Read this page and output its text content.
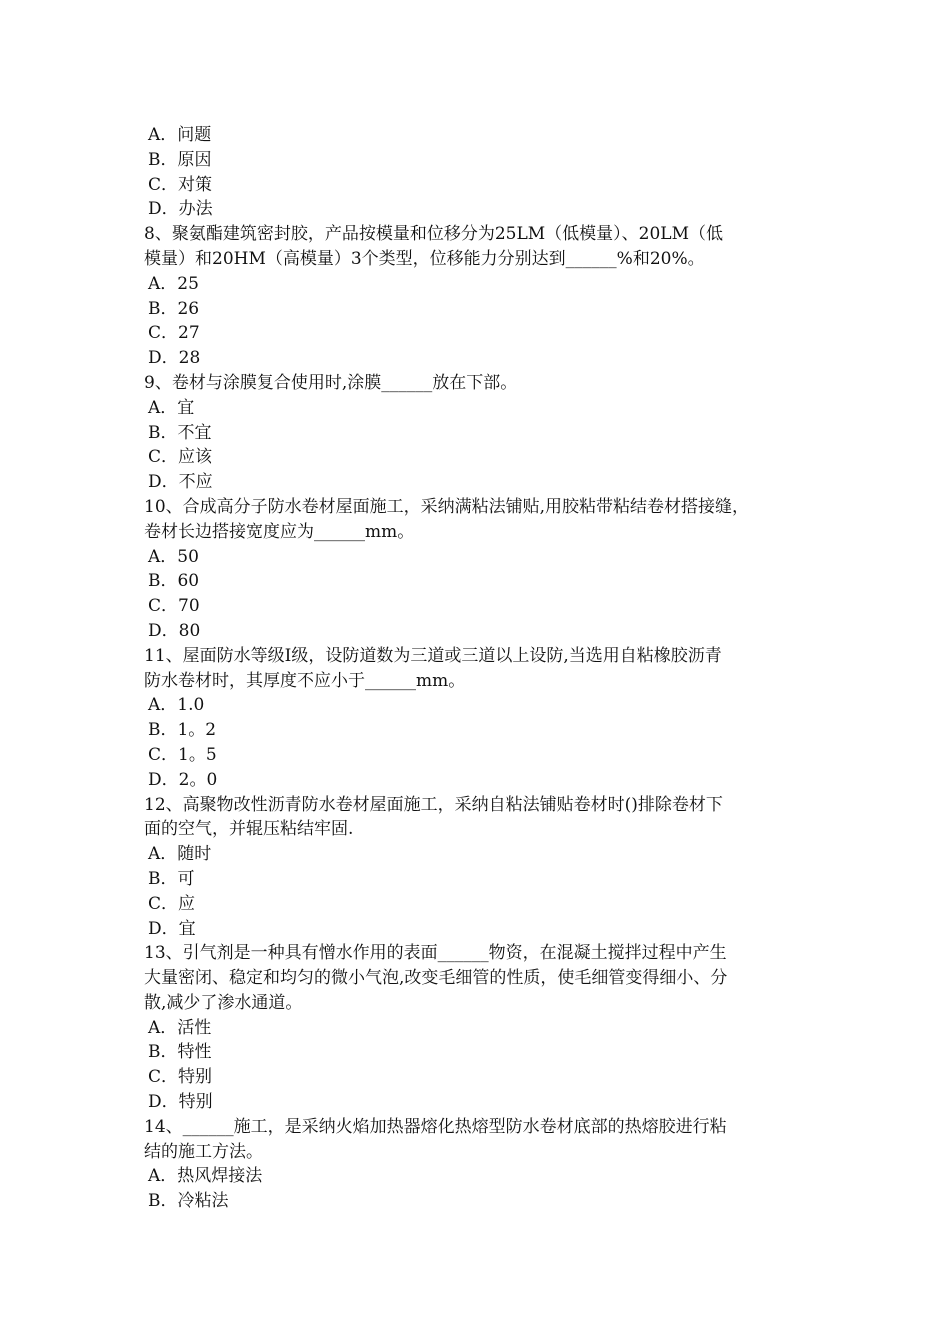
A．问题
B．原因
C．对策
D．办法
8、聚氨酯建筑密封胶，产品按模量和位移分为25LM（低模量）、20LM（低
模量）和20HM（高模量）3个类型，位移能力分别达到______%和20%。
A．25
B．26
C．27
D．28
9、卷材与涂膜复合使用时,涂膜______放在下部。
A．宜
B．不宜
C．应该
D．不应
10、合成高分子防水卷材屋面施工，采纳满粘法铺贴,用胶粘带粘结卷材搭接缝，
卷材长边搭接宽度应为______mm。
A．50
B．60
C．70
D．80
11、屋面防水等级Ⅰ级，设防道数为三道或三道以上设防,当选用自粘橡胶沥青
防水卷材时，其厚度不应小于______mm。
A．1.0
B．1。2
C．1。5
D．2。0
12、高聚物改性沥青防水卷材屋面施工，采纳自粘法铺贴卷材时()排除卷材下
面的空气，并辊压粘结牢固.
A．随时
B．可
C．应
D．宜
13、引气剂是一种具有憎水作用的表面______物资，在混凝土搅拌过程中产生
大量密闭、稳定和均匀的微小气泡,改变毛细管的性质，使毛细管变得细小、分
散,减少了渗水通道。
A．活性
B．特性
C．特别
D．特别
14、______施工，是采纳火焰加热器熔化热熔型防水卷材底部的热熔胶进行粘
结的施工方法。
A．热风焊接法
B．冷粘法
